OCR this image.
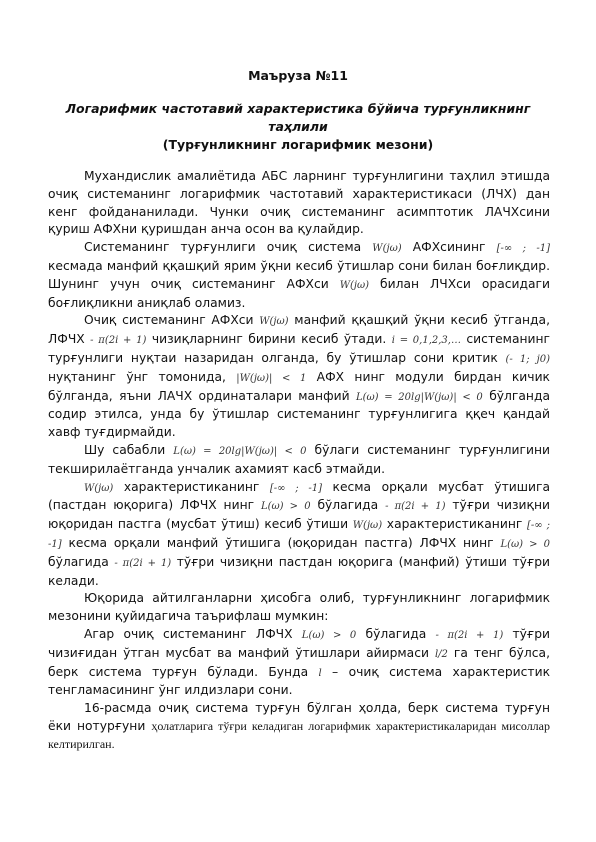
Маъруза №11
Логарифмик частотавий характеристика бўйича турғунликнинг таҳлили
(Турғунликнинг логарифмик мезони)

Мухандислик амалиётида АБС ларнинг турғунлигини таҳлил этишда очиқ системанинг логарифмик частотавий характеристикаси (ЛЧХ) дан кенг фойдананилади. Чунки очиқ системанинг асимптотик ЛАЧХсини қуриш АФХни қуришдан анча осон ва қулайдир.

Системанинг турғунлиги очиқ система W(jω) АФХсининг [-∞ ; -1] кесмада манфий ққашқий ярим ўқни кесиб ўтишлар сони билан боғлиқдир. Шунинг учун очиқ системанинг АФХси W(jω) билан ЛЧХси орасидаги боғлиқликни аниқлаб оламиз.

Очиқ системанинг АФХси W(jω) манфий ққашқий ўқни кесиб ўтганда, ЛФЧХ - π(2i + 1) чизиқларнинг бирини кесиб ўтади. i = 0,1,2,3,… системанинг турғунлиги нуқтаи назаридан олганда, бу ўтишлар сони критик (- 1; j0) нуқтанинг ўнг томонида, |W(jω)| < 1 АФХ нинг модули бирдан кичик бўлганда, яъни ЛАЧХ ординаталари манфий L(ω) = 20lg|W(jω)| < 0 бўлганда содир этилса, унда бу ўтишлар системанинг турғунлигига ққеч қандай хавф туғдирмайди.

Шу сабабли L(ω) = 20lg|W(jω)| < 0 бўлаги системанинг турғунлигини текширилаётганда унчалик ахамият касб этмайди.

W(jω) характеристиканинг [-∞ ; -1] кесма орқали мусбат ўтишига (пастдан юқорига) ЛФЧХ нинг L(ω) > 0 бўлагида - π(2i + 1) тўғри чизиқни юқоридан пастга (мусбат ўтиш) кесиб ўтиши W(jω) характеристиканинг [-∞ ; -1] кесма орқали манфий ўтишига (юқоридан пастга) ЛФЧХ нинг L(ω) > 0 бўлагида - π(2i + 1) тўғри чизиқни пастдан юқорига (манфий) ўтиши тўғри келади.

Юқорида айтилганларни ҳисобга олиб, турғунликнинг логарифмик мезонини қуйидагича таърифлаш мумкин:

Агар очиқ системанинг ЛФЧХ L(ω) > 0 бўлагида - π(2i + 1) тўғри чизиғидан ўтган мусбат ва манфий ўтишлари айирмаси l/2 га тенг бўлса, берк система турғун бўлади. Бунда l – очиқ система характеристик тенгламасининг ўнг илдизлари сони.

16-расмда очиқ система турғун бўлган ҳолда, берк система турғун ёки нотурғуни ҳолатларига тўғри келадиган логарифмик характеристикаларидан мисоллар келтирилган.
